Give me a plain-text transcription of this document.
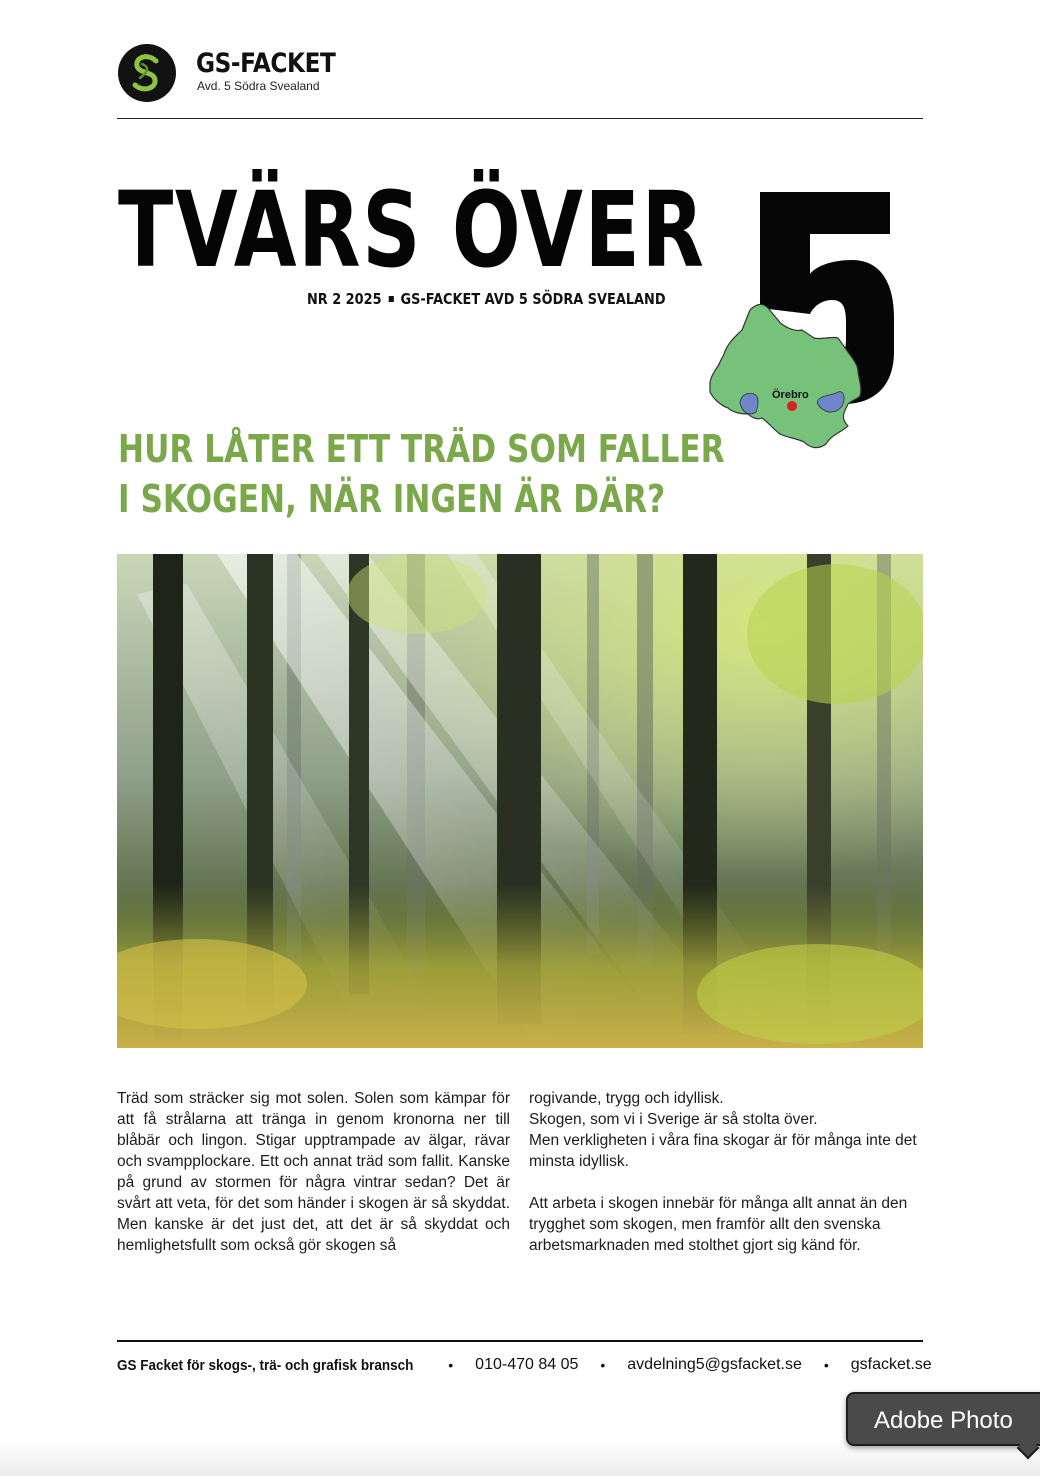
GS-FACKET
Avd. 5 Södra Svealand
TVÄRS ÖVER
NR 2 2025 GS-FACKET AVD 5 SÖDRA SVEALAND
Örebro
HUR LÅTER ETT TRÄD SOM FALLER
I SKOGEN, NÄR INGEN ÄR DÄR?

Träd som sträcker sig mot solen. Solen som kämpar för att få strålarna att tränga in genom kronorna ner till blåbär och lingon. Stigar upptrampade av älgar, rävar och svampplockare. Ett och annat träd som fallit. Kanske på grund av stormen för några vintrar sedan? Det är svårt att veta, för det som händer i skogen är så skyddat. Men kanske är det just det, att det är så skyddat och hemlighetsfullt som också gör skogen så

rogivande, trygg och idyllisk.

Skogen, som vi i Sverige är så stolta över.

Men verkligheten i våra fina skogar är för många inte det minsta idyllisk.

Att arbeta i skogen innebär för många allt annat än den trygghet som skogen, men framför allt den svenska arbetsmarknaden med stolthet gjort sig känd för.

GS Facket för skogs-, trä- och grafisk bransch • 010-470 84 05 • avdelning5@gsfacket.se • gsfacket.se
Adobe Photo
